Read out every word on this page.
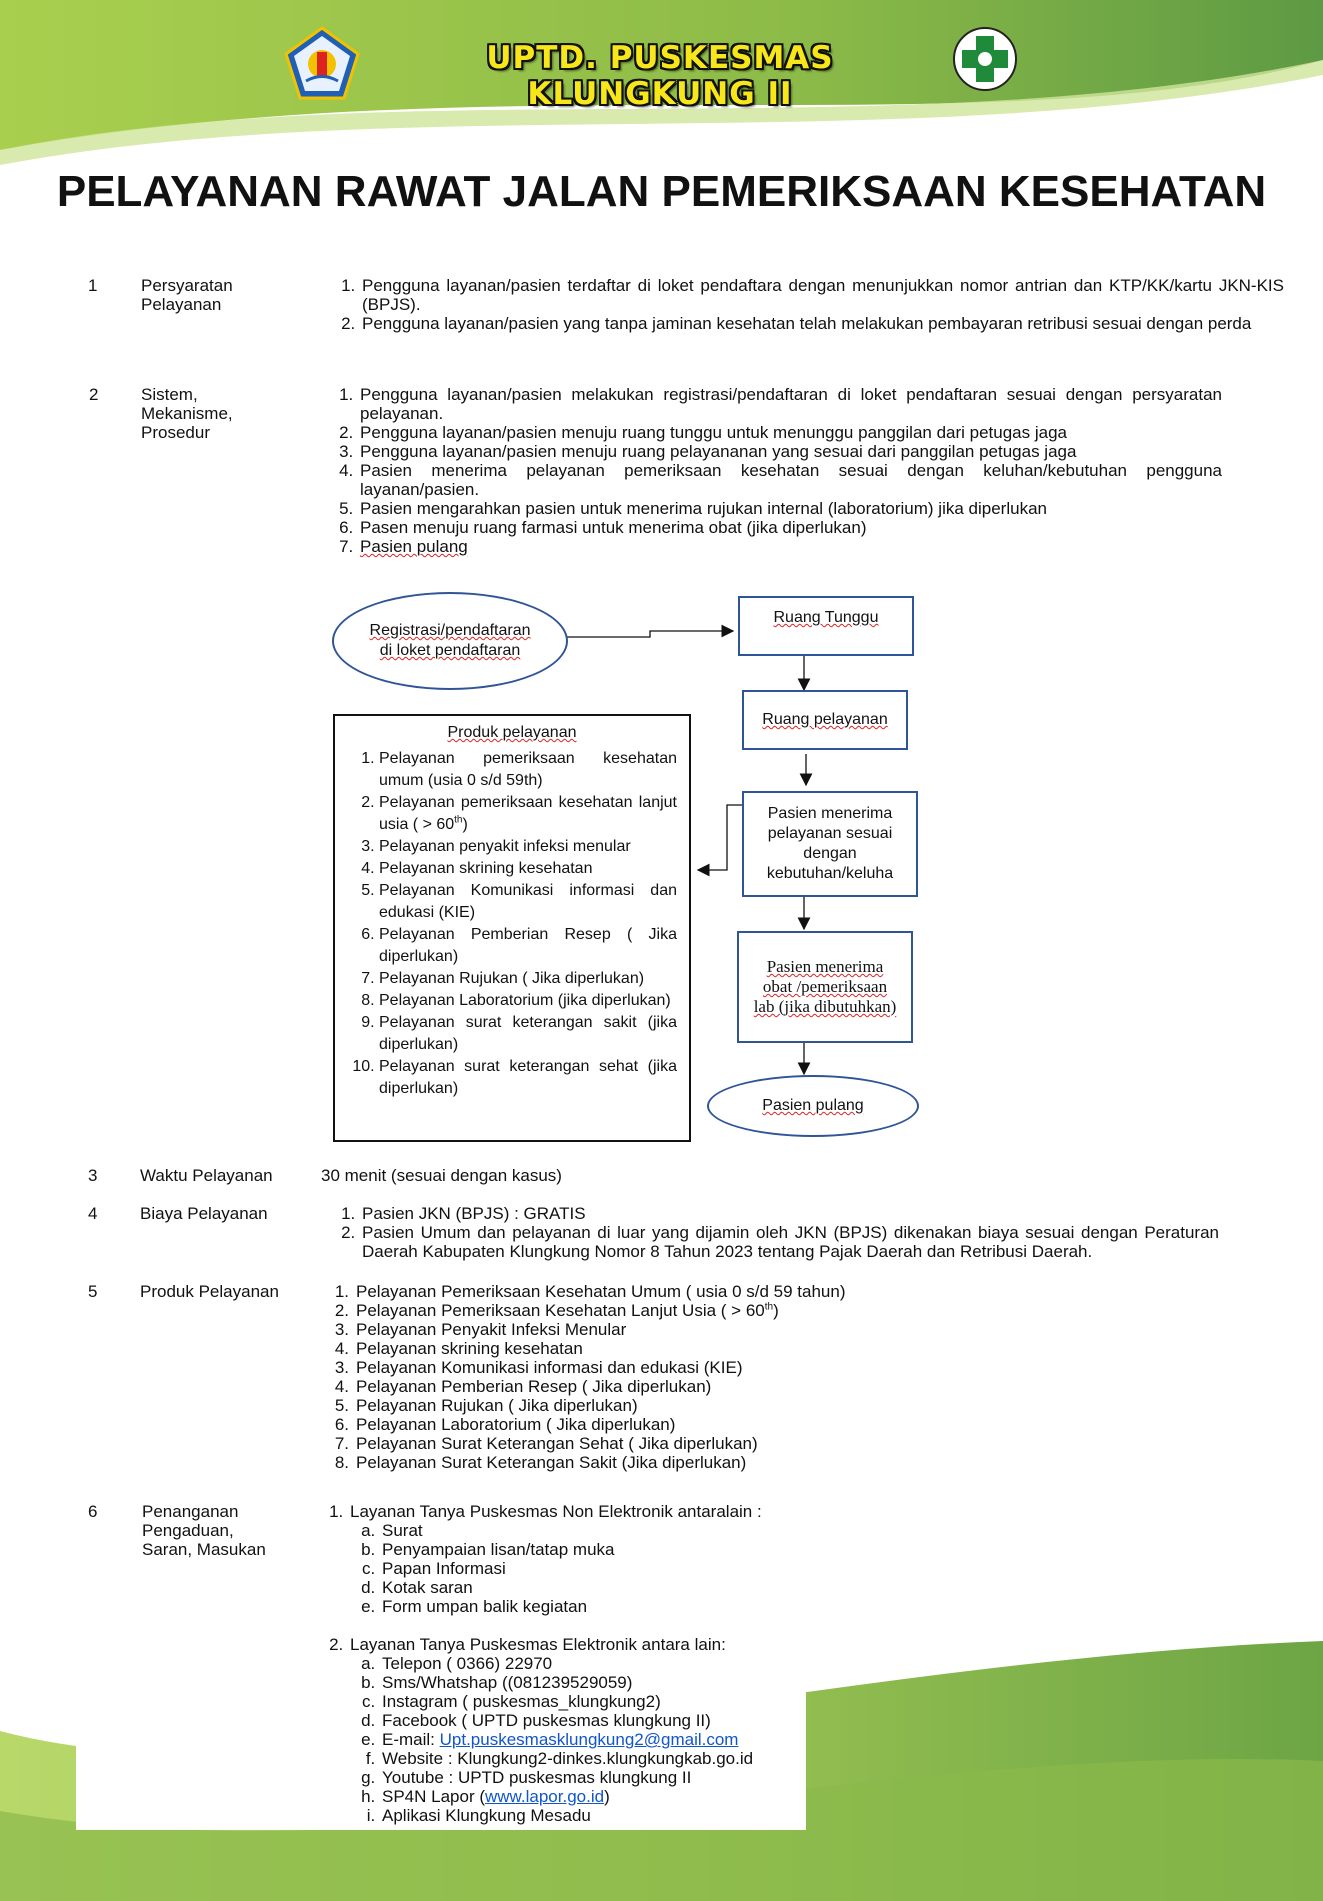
UPTD. PUSKESMAS KLUNGKUNG II
PELAYANAN RAWAT JALAN PEMERIKSAAN KESEHATAN
1	Persyaratan Pelayanan
1. Pengguna layanan/pasien terdaftar di loket pendaftara dengan menunjukkan nomor antrian dan KTP/KK/kartu JKN-KIS (BPJS).
2. Pengguna layanan/pasien yang tanpa jaminan kesehatan telah melakukan pembayaran retribusi sesuai dengan perda
2	Sistem, Mekanisme, Prosedur
1. Pengguna layanan/pasien melakukan registrasi/pendaftaran di loket pendaftaran sesuai dengan persyaratan pelayanan.
2. Pengguna layanan/pasien menuju ruang tunggu untuk menunggu panggilan dari petugas jaga
3. Pengguna layanan/pasien menuju ruang pelayananan yang sesuai dari panggilan petugas jaga
4. Pasien menerima pelayanan pemeriksaan kesehatan sesuai dengan keluhan/kebutuhan pengguna layanan/pasien.
5. Pasien mengarahkan pasien untuk menerima rujukan internal (laboratorium) jika diperlukan
6. Pasen menuju ruang farmasi untuk menerima obat (jika diperlukan)
7. Pasien pulang
Registrasi/pendaftaran di loket pendaftaran
Ruang Tunggu
Ruang pelayanan
Pasien menerima pelayanan sesuai dengan kebutuhan/keluha
Pasien menerima obat /pemeriksaan lab (jika dibutuhkan)
Pasien pulang
Produk pelayanan
1. Pelayanan pemeriksaan kesehatan umum (usia 0 s/d 59th)
2. Pelayanan pemeriksaan kesehatan lanjut usia ( > 60th)
3. Pelayanan penyakit infeksi menular
4. Pelayanan skrining kesehatan
5. Pelayanan Komunikasi informasi dan edukasi (KIE)
6. Pelayanan Pemberian Resep ( Jika diperlukan)
7. Pelayanan Rujukan ( Jika diperlukan)
8. Pelayanan Laboratorium (jika diperlukan)
9. Pelayanan surat keterangan sakit (jika diperlukan)
10. Pelayanan surat keterangan sehat (jika diperlukan)
3	Waktu Pelayanan	30 menit (sesuai dengan kasus)
4	Biaya Pelayanan
1.	Pasien JKN (BPJS) : GRATIS
2. Pasien Umum dan pelayanan di luar yang dijamin oleh JKN (BPJS) dikenakan biaya sesuai dengan Peraturan Daerah Kabupaten Klungkung Nomor 8 Tahun 2023 tentang Pajak Daerah dan Retribusi Daerah.
5	Produk Pelayanan	1. Pelayanan Pemeriksaan Kesehatan Umum ( usia 0 s/d 59 tahun)
2. Pelayanan Pemeriksaan Kesehatan Lanjut Usia ( > 60th)
3. Pelayanan Penyakit Infeksi Menular
4. Pelayanan skrining kesehatan
3. Pelayanan Komunikasi informasi dan edukasi (KIE)
4. Pelayanan Pemberian Resep ( Jika diperlukan)
5. Pelayanan Rujukan ( Jika diperlukan)
6. Pelayanan Laboratorium ( Jika diperlukan)
7. Pelayanan Surat Keterangan Sehat ( Jika diperlukan)
8. Pelayanan Surat Keterangan Sakit (Jika diperlukan)
6	Penanganan Pengaduan, Saran, Masukan
1. Layanan Tanya Puskesmas Non Elektronik antaralain :
a. Surat
b. Penyampaian lisan/tatap muka
c. Papan Informasi
d. Kotak saran
e. Form umpan balik kegiatan
2. Layanan Tanya Puskesmas Elektronik antara lain:
a. Telepon ( 0366) 22970
b. Sms/Whatshap ((081239529059)
c. Instagram ( puskesmas_klungkung2)
d. Facebook ( UPTD puskesmas klungkung II)
e. E-mail: Upt.puskesmasklungkung2@gmail.com
f. Website : Klungkung2-dinkes.klungkungkab.go.id
g. Youtube : UPTD puskesmas klungkung II
h. SP4N Lapor (www.lapor.go.id)
i. Aplikasi Klungkung Mesadu
